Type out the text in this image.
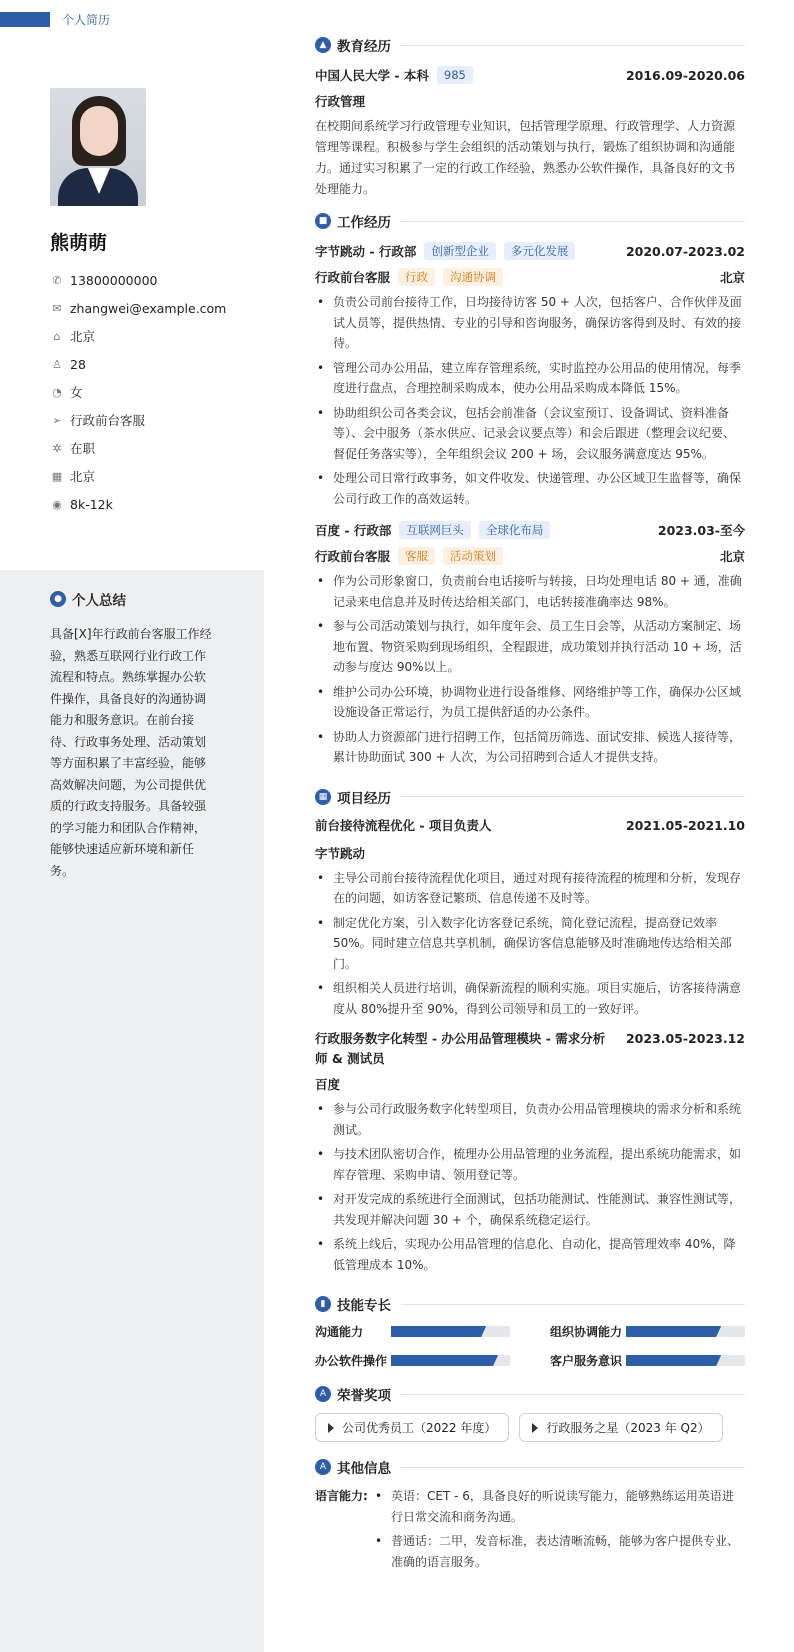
个人简历
熊萌萌
✆ 13800000000
✉ zhangwei@example.com
⌂ 北京
♙ 28
◔ 女
➢ 行政前台客服
✲ 在职
▦ 北京
◉ 8k-12k
● 个人总结
具备[X]年行政前台客服工作经验，熟悉互联网行业行政工作流程和特点。熟练掌握办公软件操作，具备良好的沟通协调能力和服务意识。在前台接待、行政事务处理、活动策划等方面积累了丰富经验，能够高效解决问题，为公司提供优质的行政支持服务。具备较强的学习能力和团队合作精神，能够快速适应新环境和新任务。
▲ 教育经历
中国人民大学 - 本科	985	2016.09-2020.06
行政管理
在校期间系统学习行政管理专业知识，包括管理学原理、行政管理学、人力资源管理等课程。积极参与学生会组织的活动策划与执行，锻炼了组织协调和沟通能力。通过实习积累了一定的行政工作经验，熟悉办公软件操作，具备良好的文书处理能力。
■ 工作经历
字节跳动 - 行政部	创新型企业	多元化发展	2020.07-2023.02
行政前台客服	行政	沟通协调	北京
• 负责公司前台接待工作，日均接待访客 50 + 人次，包括客户、合作伙伴及面试人员等，提供热情、专业的引导和咨询服务，确保访客得到及时、有效的接待。
• 管理公司办公用品，建立库存管理系统，实时监控办公用品的使用情况，每季度进行盘点，合理控制采购成本，使办公用品采购成本降低 15%。
• 协助组织公司各类会议，包括会前准备（会议室预订、设备调试、资料准备等）、会中服务（茶水供应、记录会议要点等）和会后跟进（整理会议纪要、督促任务落实等），全年组织会议 200 + 场，会议服务满意度达 95%。
• 处理公司日常行政事务，如文件收发、快递管理、办公区域卫生监督等，确保公司行政工作的高效运转。
百度 - 行政部	互联网巨头	全球化布局	2023.03-至今
行政前台客服	客服	活动策划	北京
• 作为公司形象窗口，负责前台电话接听与转接，日均处理电话 80 + 通，准确记录来电信息并及时传达给相关部门，电话转接准确率达 98%。
• 参与公司活动策划与执行，如年度年会、员工生日会等，从活动方案制定、场地布置、物资采购到现场组织，全程跟进，成功策划并执行活动 10 + 场，活动参与度达 90%以上。
• 维护公司办公环境，协调物业进行设备维修、网络维护等工作，确保办公区域设施设备正常运行，为员工提供舒适的办公条件。
• 协助人力资源部门进行招聘工作，包括简历筛选、面试安排、候选人接待等，累计协助面试 300 + 人次，为公司招聘到合适人才提供支持。
▦ 项目经历
前台接待流程优化 - 项目负责人	2021.05-2021.10
字节跳动
• 主导公司前台接待流程优化项目，通过对现有接待流程的梳理和分析，发现存在的问题，如访客登记繁琐、信息传递不及时等。
• 制定优化方案，引入数字化访客登记系统，简化登记流程，提高登记效率 50%。同时建立信息共享机制，确保访客信息能够及时准确地传达给相关部门。
• 组织相关人员进行培训，确保新流程的顺利实施。项目实施后，访客接待满意度从 80%提升至 90%，得到公司领导和员工的一致好评。
行政服务数字化转型 - 办公用品管理模块 - 需求分析师 & 测试员
2023.05-2023.12
百度
• 参与公司行政服务数字化转型项目，负责办公用品管理模块的需求分析和系统测试。
• 与技术团队密切合作，梳理办公用品管理的业务流程，提出系统功能需求，如库存管理、采购申请、领用登记等。
• 对开发完成的系统进行全面测试，包括功能测试、性能测试、兼容性测试等，共发现并解决问题 30 + 个，确保系统稳定运行。
• 系统上线后，实现办公用品管理的信息化、自动化，提高管理效率 40%，降低管理成本 10%。
▮ 技能专长
沟通能力	组织协调能力
办公软件操作	客户服务意识
A 荣誉奖项
公司优秀员工（2022 年度）	行政服务之星（2023 年 Q2）
A 其他信息
语言能力:
•	英语：CET - 6，具备良好的听说读写能力，能够熟练运用英语进行日常交流和商务沟通。
• 普通话：二甲，发音标准，表达清晰流畅，能够为客户提供专业、准确的语言服务。
